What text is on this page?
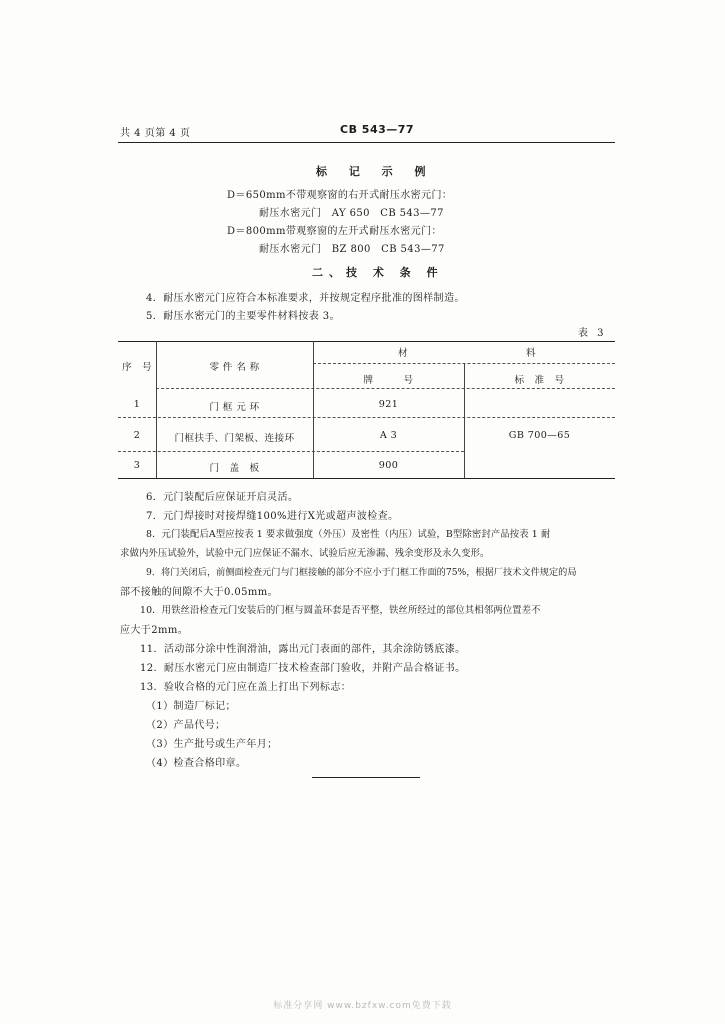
共 4 页第 4 页	CB 543—77
标 记 示 例
D＝650mm不带观察窗的右开式耐压水密元门：
耐压水密元门　AY 650　CB 543—77
D＝800mm带观察窗的左开式耐压水密元门：
耐压水密元门　BZ 800　CB 543—77
二、技 术 条 件
4．耐压水密元门应符合本标准要求，并按规定程序批准的图样制造。
5．耐压水密元门的主要零件材料按表 3。
表 3
序　号	零 件 名 称
材	料
牌　　　号	标　准　号
1	门 框 元 环	921
2	门框扶手、门架板、连接环	A 3	GB 700—65
3	门　盖　板	900
6．元门装配后应保证开启灵活。
7．元门焊接时对接焊缝100%进行X光或超声波检查。
8．元门装配后A型应按表 1 要求做强度（外压）及密性（内压）试验，B型除密封产品按表 1 耐
求做内外压试验外，试验中元门应保证不漏水、试验后应无渗漏、残余变形及永久变形。
9．将门关闭后，前侧面检查元门与门框接触的部分不应小于门框工作面的75%，根据厂技术文件规定的局
部不接触的间隙不大于0.05mm。
10．用铁丝沿检查元门安装后的门框与圆盖环套是否平整，铁丝所经过的部位其相邻两位置差不
应大于2mm。
11．活动部分涂中性润滑油，露出元门表面的部件，其余涂防锈底漆。
12．耐压水密元门应由制造厂技术检查部门验收，并附产品合格证书。
13．验收合格的元门应在盖上打出下列标志：
（1）制造厂标记；
（2）产品代号；
（3）生产批号或生产年月；
（4）检查合格印章。
标准分享网 www.bzfxw.com免费下载
